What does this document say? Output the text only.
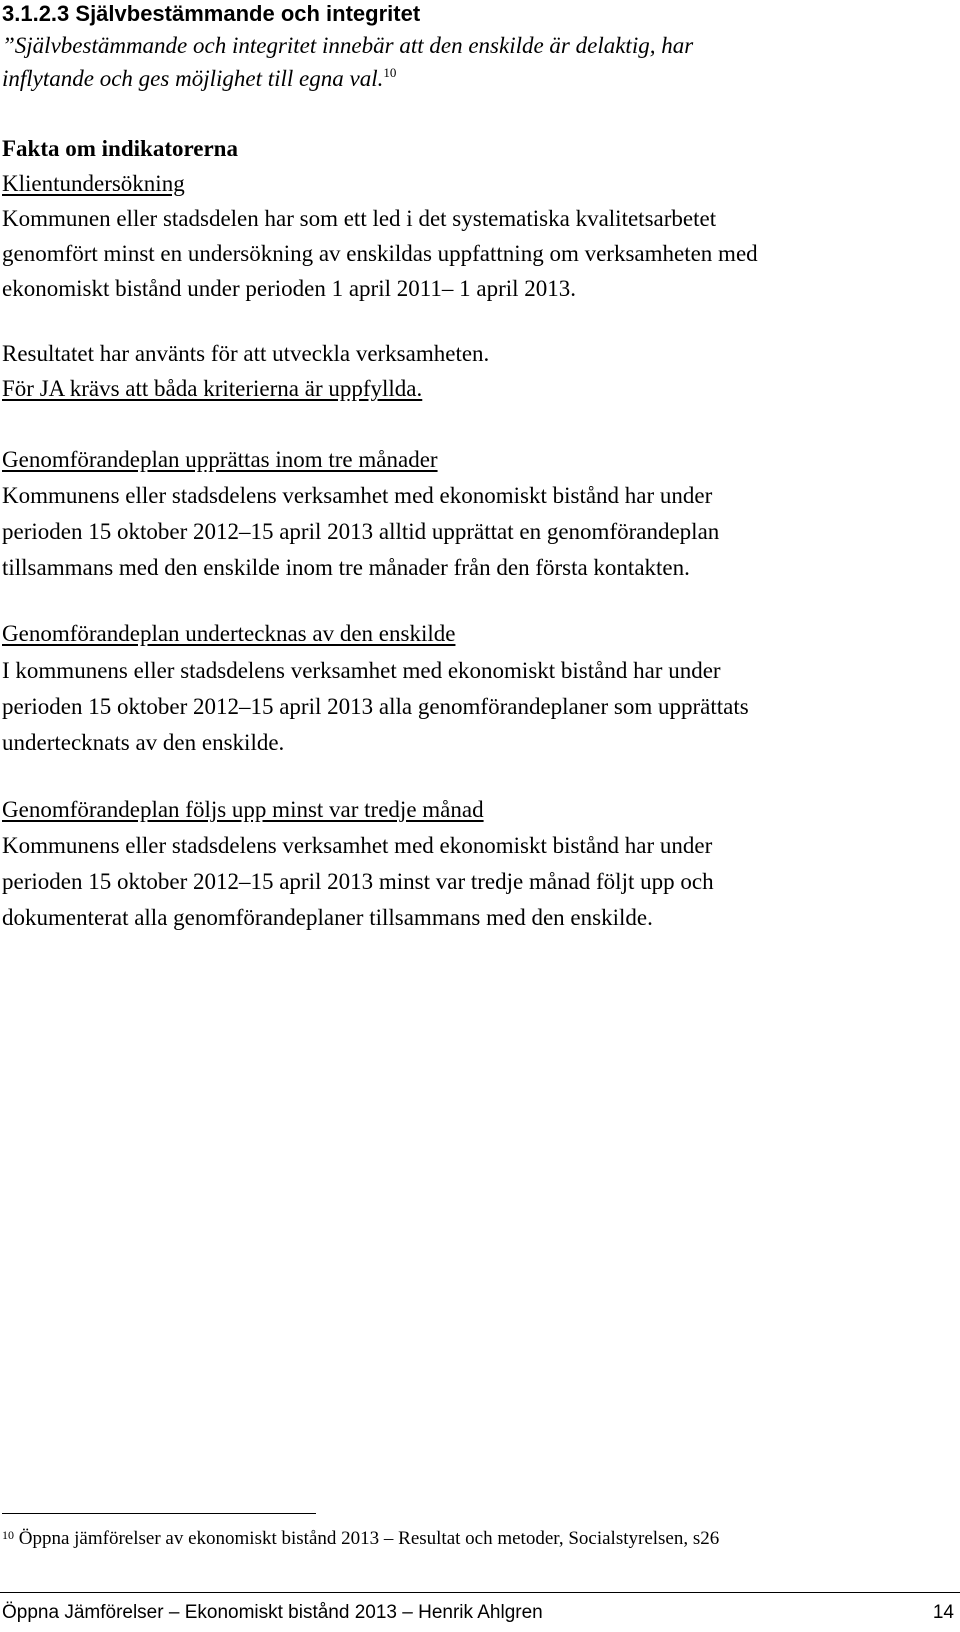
3.1.2.3 Självbestämmande och integritet
”Självbestämmande och integritet innebär att den enskilde är delaktig, har
inflytande och ges möjlighet till egna val.$^{10}$
Fakta om indikatorerna
Klientundersökning
Kommunen eller stadsdelen har som ett led i det systematiska kvalitetsarbetet
genomfört minst en undersökning av enskildas uppfattning om verksamheten med
ekonomiskt bistånd under perioden 1 april 2011– 1 april 2013.
Resultatet har använts för att utveckla verksamheten.
För JA krävs att båda kriterierna är uppfyllda.
Genomförandeplan upprättas inom tre månader
Kommunens eller stadsdelens verksamhet med ekonomiskt bistånd har under
perioden 15 oktober 2012–15 april 2013 alltid upprättat en genomförandeplan
tillsammans med den enskilde inom tre månader från den första kontakten.
Genomförandeplan undertecknas av den enskilde
I kommunens eller stadsdelens verksamhet med ekonomiskt bistånd har under
perioden 15 oktober 2012–15 april 2013 alla genomförandeplaner som upprättats
undertecknats av den enskilde.
Genomförandeplan följs upp minst var tredje månad
Kommunens eller stadsdelens verksamhet med ekonomiskt bistånd har under
perioden 15 oktober 2012–15 april 2013 minst var tredje månad följt upp och
dokumenterat alla genomförandeplaner tillsammans med den enskilde.
$^{10}$ Öppna jämförelser av ekonomiskt bistånd 2013 – Resultat och metoder, Socialstyrelsen, s26
Öppna Jämförelser – Ekonomiskt bistånd 2013 – Henrik Ahlgren	14
